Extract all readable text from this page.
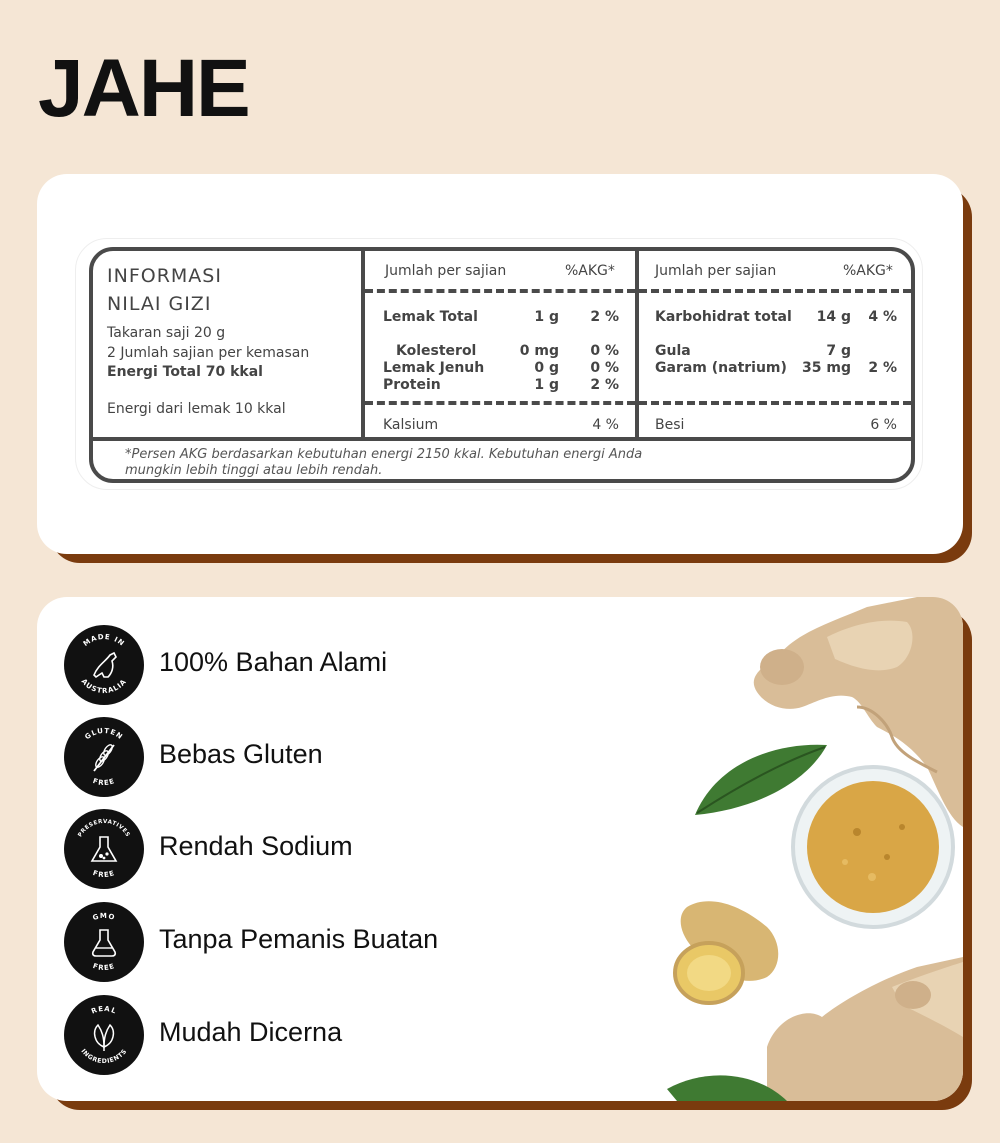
JAHE
INFORMASI
NILAI GIZI
Takaran saji 20 g
2 Jumlah sajian per kemasan
Energi Total 70 kkal
Energi dari lemak 10 kkal
Jumlah per sajian	%AKG*
Lemak Total	1 g	2 %
Kolesterol	0 mg	0 %
Lemak Jenuh	0 g	0 %
Protein	1 g	2 %
Kalsium	4 %
Jumlah per sajian	%AKG*
Karbohidrat total	14 g	4 %
Gula	7 g
Garam (natrium)	35 mg	2 %
Besi	6 %
*Persen AKG berdasarkan kebutuhan energi 2150 kkal. Kebutuhan energi Anda
mungkin lebih tinggi atau lebih rendah.
MADE IN
AUSTRALIA
100% Bahan Alami
GLUTEN
FREE
Bebas Gluten
PRESERVATIVES
FREE
Rendah Sodium
GMO
FREE
Tanpa Pemanis Buatan
REAL
INGREDIENTS
Mudah Dicerna
